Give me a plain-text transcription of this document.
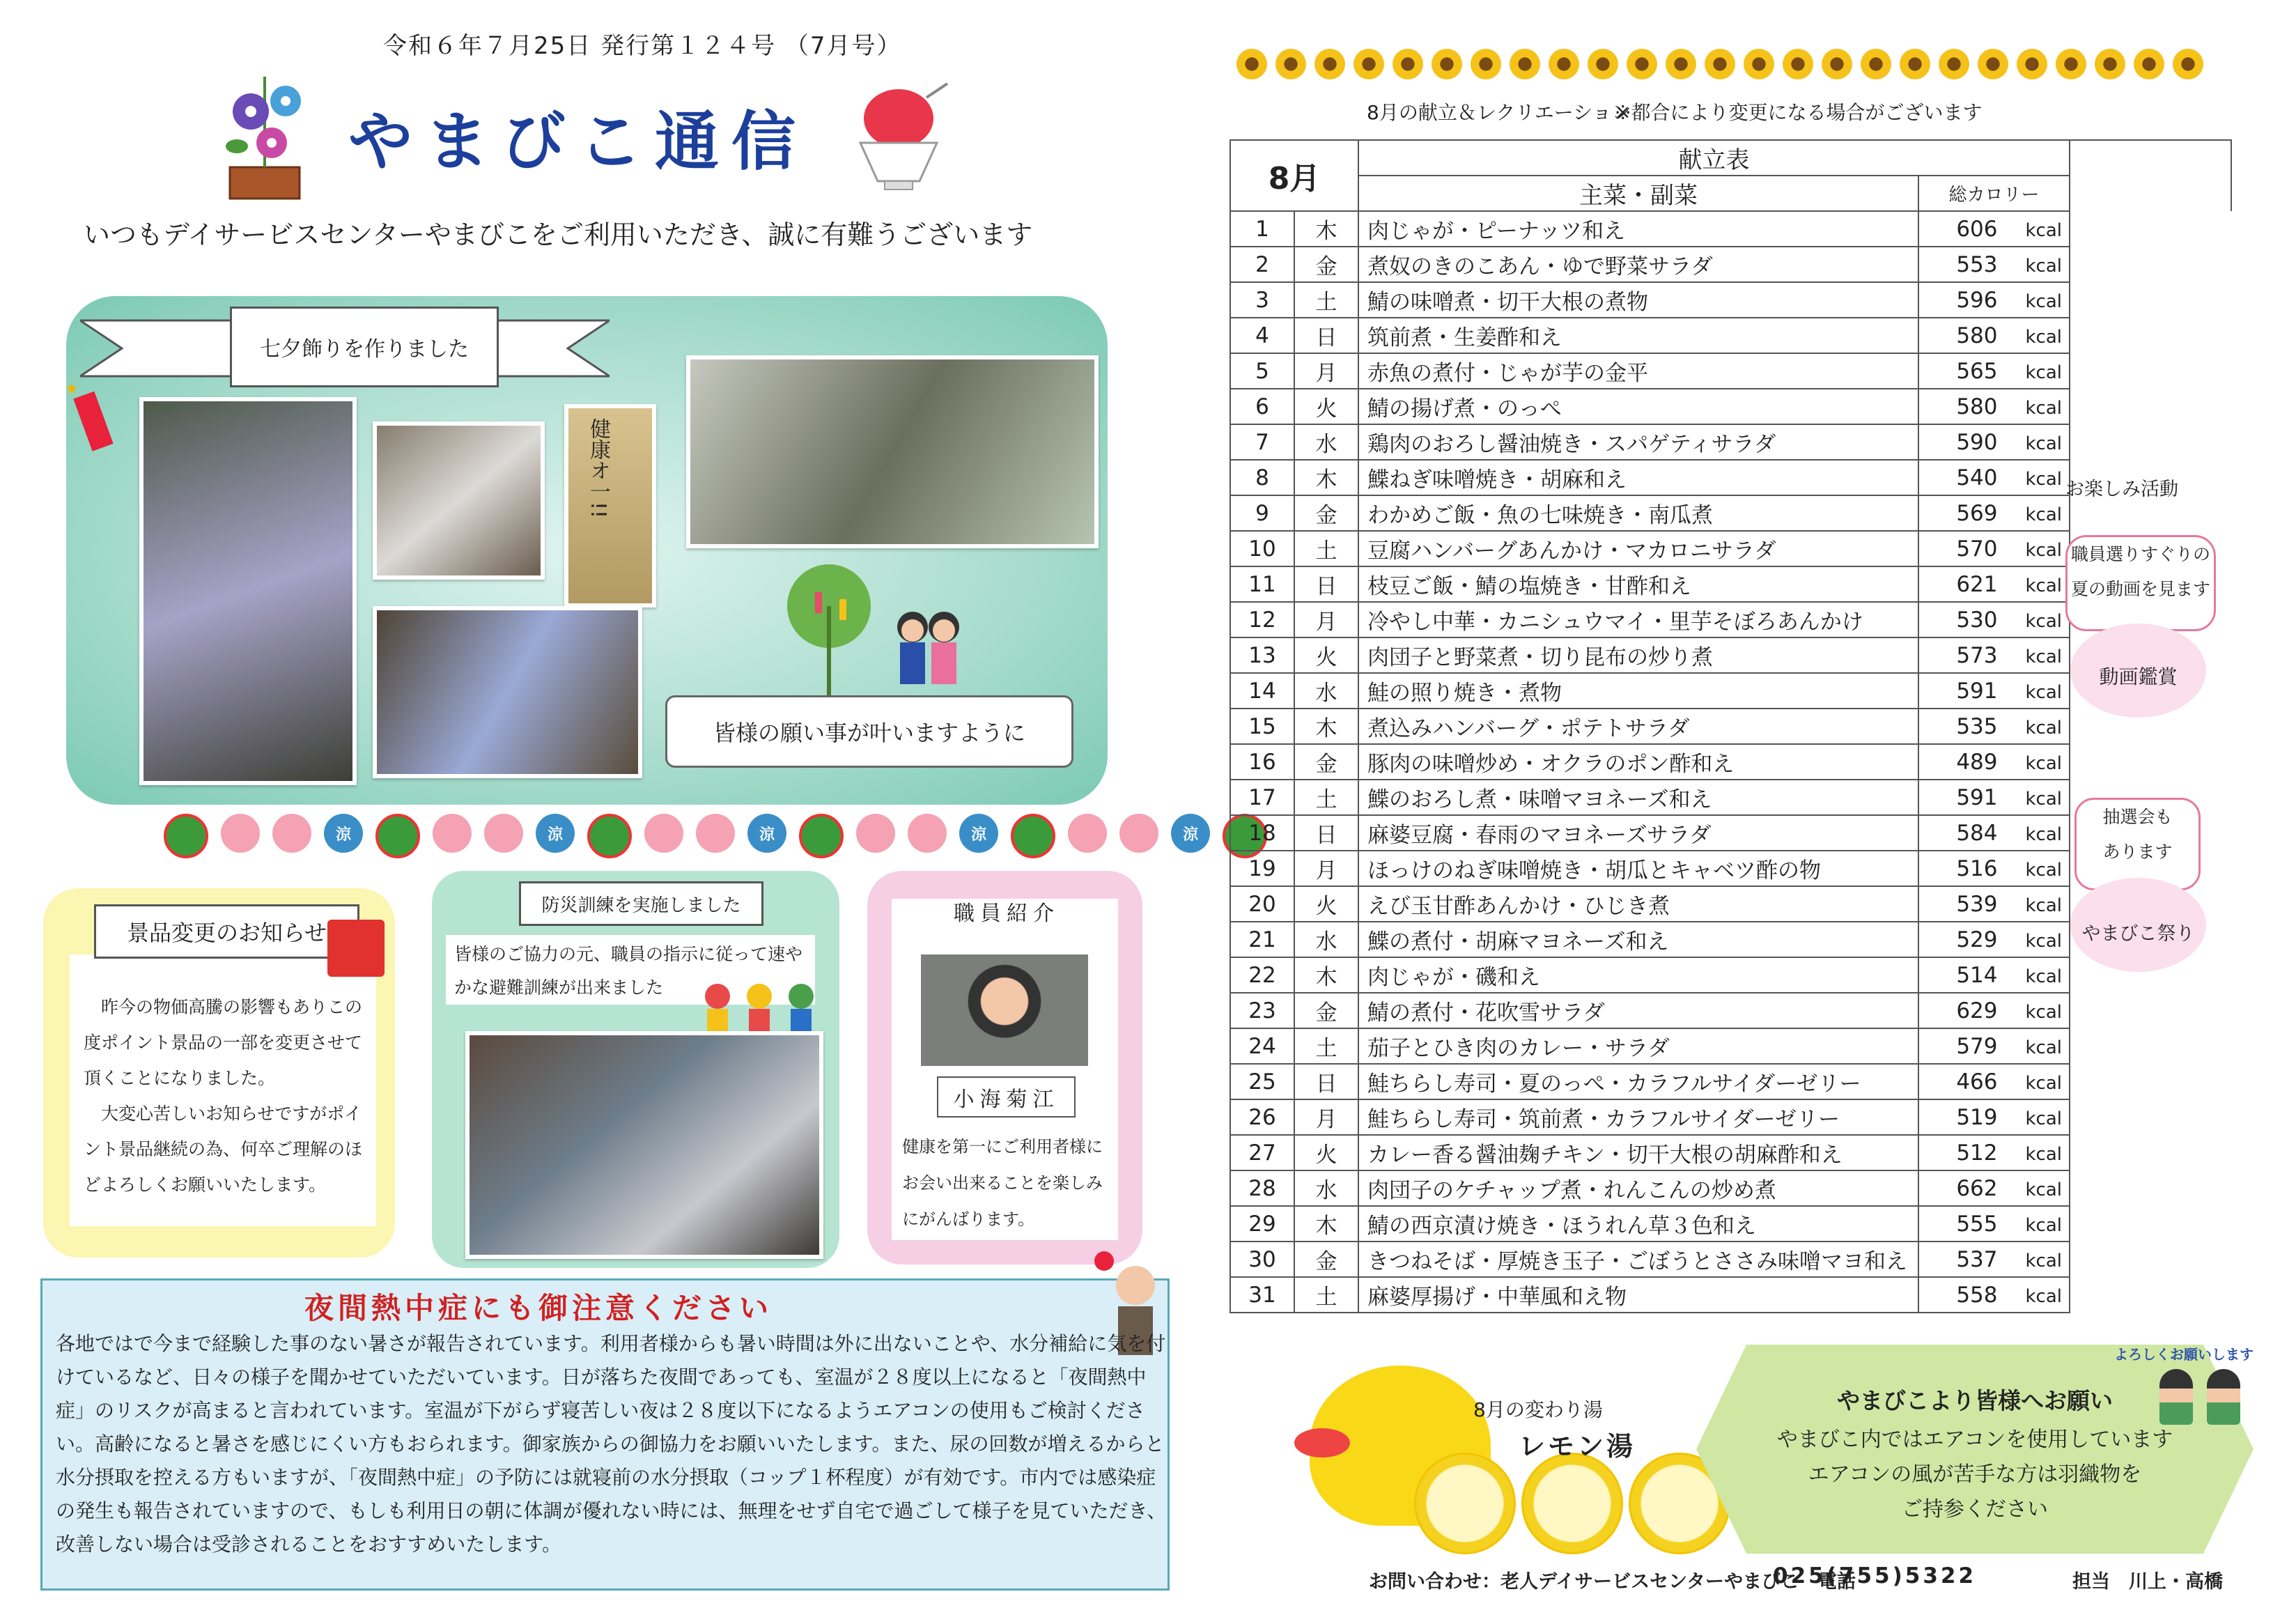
令和６年７月25日 発行第１２４号 （7月号）
やまびこ通信
いつもデイサービスセンターやまびこをご利用いただき、誠に有難うございます
七夕飾りを作りました
★
健康オ一!!
皆様の願い事が叶いますように
涼	涼	涼	涼	涼
景品変更のお知らせ
昨今の物価高騰の影響もありこの度ポイント景品の一部を変更させて頂くことになりました。
大変心苦しいお知らせですがポイント景品継続の為、何卒ご理解のほどよろしくお願いいたします。
防災訓練を実施しました
皆様のご協力の元、職員の指示に従って速やかな避難訓練が出来ました
職員紹介
小海菊江
健康を第一にご利用者様にお会い出来ることを楽しみにがんばります。
夜間熱中症にも御注意ください
各地ではで今まで経験した事のない暑さが報告されています。利用者様からも暑い時間は外に出ないことや、水分補給に気を付けているなど、日々の様子を聞かせていただいています。日が落ちた夜間であっても、室温が２８度以上になると「夜間熱中症」のリスクが高まると言われています。室温が下がらず寝苦しい夜は２８度以下になるようエアコンの使用もご検討ください。高齢になると暑さを感じにくい方もおられます。御家族からの御協力をお願いいたします。また、尿の回数が増えるからと水分摂取を控える方もいますが、「夜間熱中症」の予防には就寝前の水分摂取（コップ１杯程度）が有効です。市内では感染症の発生も報告されていますので、もしも利用日の朝に体調が優れない時には、無理をせず自宅で過ごして様子を見ていただき、改善しない場合は受診されることをおすすめいたします。
8月の献立＆レクリエーション
※都合により変更になる場合がございます
8月		献立表		
		主菜・副菜	総カロリー	
1	木	肉じゃが・ピーナッツ和え	606 kcal	
2	金	煮奴のきのこあん・ゆで野菜サラダ	553 kcal	
3	土	鯖の味噌煮・切干大根の煮物	596 kcal	
4	日	筑前煮・生姜酢和え	580 kcal	
5	月	赤魚の煮付・じゃが芋の金平	565 kcal	
6	火	鯖の揚げ煮・のっぺ	580 kcal	
7	水	鶏肉のおろし醤油焼き・スパゲティサラダ	590 kcal	
8	木	鰈ねぎ味噌焼き・胡麻和え	540 kcal	
9	金	わかめご飯・魚の七味焼き・南瓜煮	569 kcal	
10	土	豆腐ハンバーグあんかけ・マカロニサラダ	570 kcal	
11	日	枝豆ご飯・鯖の塩焼き・甘酢和え	621 kcal	
12	月	冷やし中華・カニシュウマイ・里芋そぼろあんかけ	530 kcal	
13	火	肉団子と野菜煮・切り昆布の炒り煮	573 kcal	
14	水	鮭の照り焼き・煮物	591 kcal	
15	木	煮込みハンバーグ・ポテトサラダ	535 kcal	
16	金	豚肉の味噌炒め・オクラのポン酢和え	489 kcal	
17	土	鰈のおろし煮・味噌マヨネーズ和え	591 kcal	
18	日	麻婆豆腐・春雨のマヨネーズサラダ	584 kcal	
19	月	ほっけのねぎ味噌焼き・胡瓜とキャベツ酢の物	516 kcal	
20	火	えび玉甘酢あんかけ・ひじき煮	539 kcal	
21	水	鰈の煮付・胡麻マヨネーズ和え	529 kcal	
22	木	肉じゃが・磯和え	514 kcal	
23	金	鯖の煮付・花吹雪サラダ	629 kcal	
24	土	茄子とひき肉のカレー・サラダ	579 kcal	
25	日	鮭ちらし寿司・夏のっぺ・カラフルサイダーゼリー	466 kcal	
26	月	鮭ちらし寿司・筑前煮・カラフルサイダーゼリー	519 kcal	
27	火	カレー香る醤油麹チキン・切干大根の胡麻酢和え	512 kcal	
28	水	肉団子のケチャップ煮・れんこんの炒め煮	662 kcal	
29	木	鯖の西京漬け焼き・ほうれん草３色和え	555 kcal	
30	金	きつねそば・厚焼き玉子・ごぼうとささみ味噌マヨ和え	537 kcal	
31	土	麻婆厚揚げ・中華風和え物	558 kcal	
お楽しみ活動
職員選りすぐりの
夏の動画を見ます
動画鑑賞
抽選会も
あります
やまびこ祭り
8月の変わり湯
レモン湯
よろしくお願いします
やまびこより皆様へお願い
やまびこ内ではエアコンを使用しています
エアコンの風が苦手な方は羽織物を
ご持参ください
お問い合わせ：老人デイサービスセンターやまびこ　電話
025(755)5322	担当　川上・高橋
